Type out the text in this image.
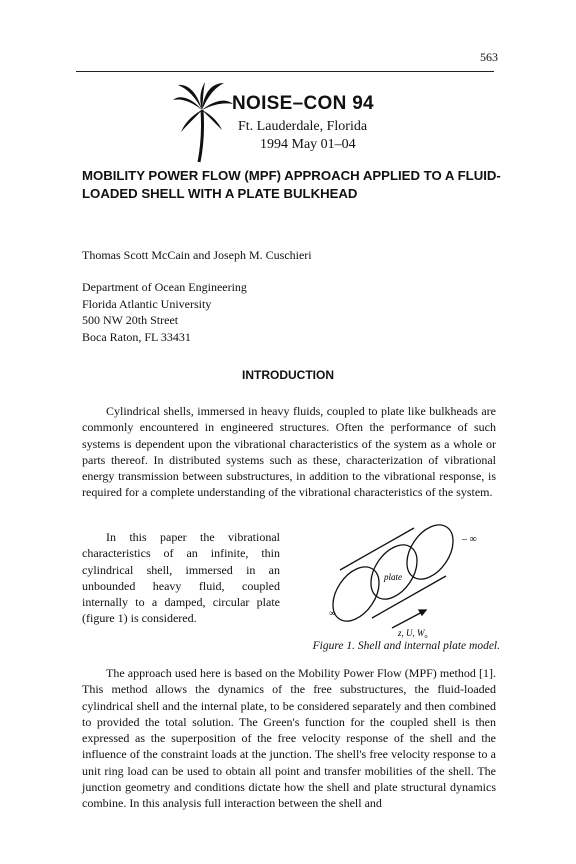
563
NOISE–CON 94
Ft. Lauderdale, Florida
1994 May 01–04
MOBILITY POWER FLOW (MPF) APPROACH APPLIED TO A FLUID-LOADED SHELL WITH A PLATE BULKHEAD
Thomas Scott McCain and Joseph M. Cuschieri
Department of Ocean Engineering
Florida Atlantic University
500 NW 20th Street
Boca Raton, FL 33431
INTRODUCTION
Cylindrical shells, immersed in heavy fluids, coupled to plate like bulkheads are commonly encountered in engineered structures. Often the performance of such systems is dependent upon the vibrational characteristics of the system as a whole or parts thereof. In distributed systems such as these, characterization of vibrational energy transmission between substructures, in addition to the vibrational response, is required for a complete understanding of the vibrational characteristics of the system.
In this paper the vibrational characteristics of an infinite, thin cylindrical shell, immersed in an unbounded heavy fluid, coupled internally to a damped, circular plate (figure 1) is considered.
plate
– ∞
∞
z, U, $W_o$
Figure 1. Shell and internal plate model.
The approach used here is based on the Mobility Power Flow (MPF) method [1]. This method allows the dynamics of the free substructures, the fluid-loaded cylindrical shell and the internal plate, to be considered separately and then combined to provided the total solution. The Green's function for the coupled shell is then expressed as the superposition of the free velocity response of the shell and the influence of the constraint loads at the junction. The shell's free velocity response to a unit ring load can be used to obtain all point and transfer mobilities of the shell. The junction geometry and conditions dictate how the shell and plate structural dynamics combine. In this analysis full interaction between the shell and
